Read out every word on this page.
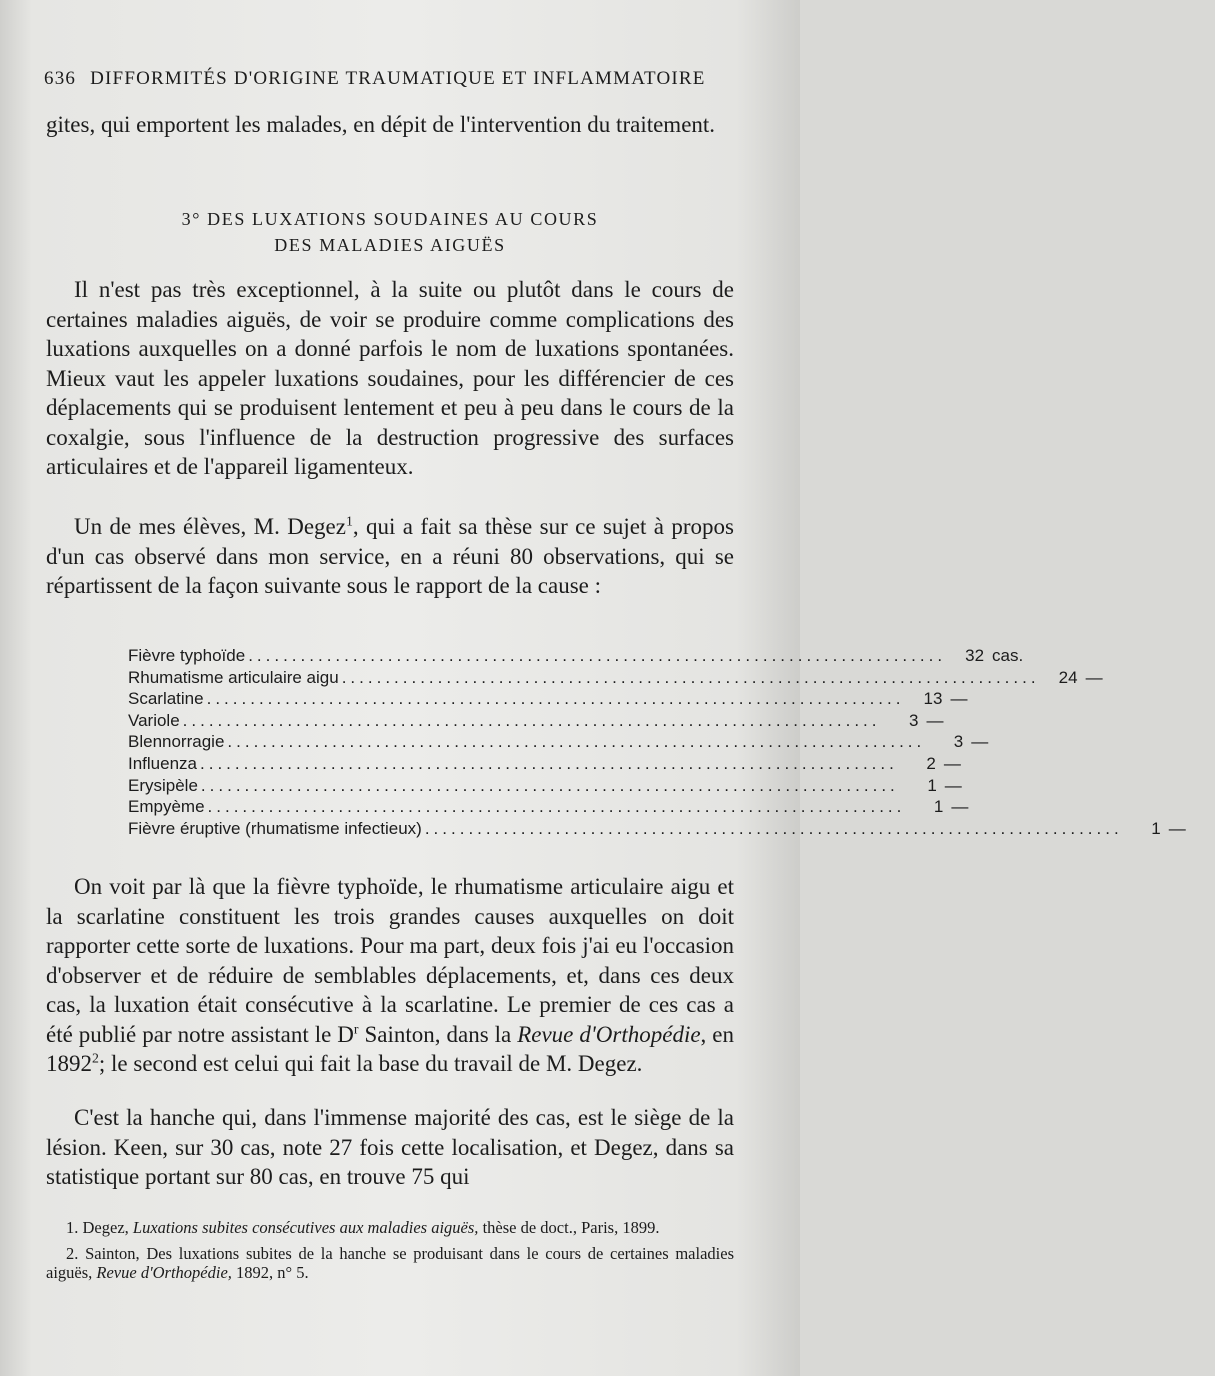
636 DIFFORMITÉS D'ORIGINE TRAUMATIQUE ET INFLAMMATOIRE
gites, qui emportent les malades, en dépit de l'intervention du traitement.
3° DES LUXATIONS SOUDAINES AU COURS
DES MALADIES AIGUËS
Il n'est pas très exceptionnel, à la suite ou plutôt dans le cours de certaines maladies aiguës, de voir se produire comme complications des luxations auxquelles on a donné parfois le nom de luxations spontanées. Mieux vaut les appeler luxations soudaines, pour les différencier de ces déplacements qui se produisent lentement et peu à peu dans le cours de la coxalgie, sous l'influence de la destruction progressive des surfaces articulaires et de l'appareil ligamenteux.
Un de mes élèves, M. Degez$^1$, qui a fait sa thèse sur ce sujet à propos d'un cas observé dans mon service, en a réuni 80 observations, qui se répartissent de la façon suivante sous le rapport de la cause :
Fièvre typhoïde ................................................................................	32 cas.
Rhumatisme articulaire aigu ................................................................................	24 —
Scarlatine ................................................................................	13 —
Variole ................................................................................	3 —
Blennorragie ................................................................................	3 —
Influenza ................................................................................	2 —
Erysipèle ................................................................................	1 —
Empyème ................................................................................	1 —
Fièvre éruptive (rhumatisme infectieux) ................................................................................	1 —
On voit par là que la fièvre typhoïde, le rhumatisme articulaire aigu et la scarlatine constituent les trois grandes causes auxquelles on doit rapporter cette sorte de luxations. Pour ma part, deux fois j'ai eu l'occasion d'observer et de réduire de semblables déplacements, et, dans ces deux cas, la luxation était consécutive à la scarlatine. Le premier de ces cas a été publié par notre assistant le $D^r$ Sainton, dans la Revue d'Orthopédie, en 1892$^2$; le second est celui qui fait la base du travail de M. Degez.
C'est la hanche qui, dans l'immense majorité des cas, est le siège de la lésion. Keen, sur 30 cas, note 27 fois cette localisation, et Degez, dans sa statistique portant sur 80 cas, en trouve 75 qui
1. Degez, Luxations subites consécutives aux maladies aiguës, thèse de doct., Paris, 1899.
2. Sainton, Des luxations subites de la hanche se produisant dans le cours de certaines maladies aiguës, Revue d'Orthopédie, 1892, n° 5.
